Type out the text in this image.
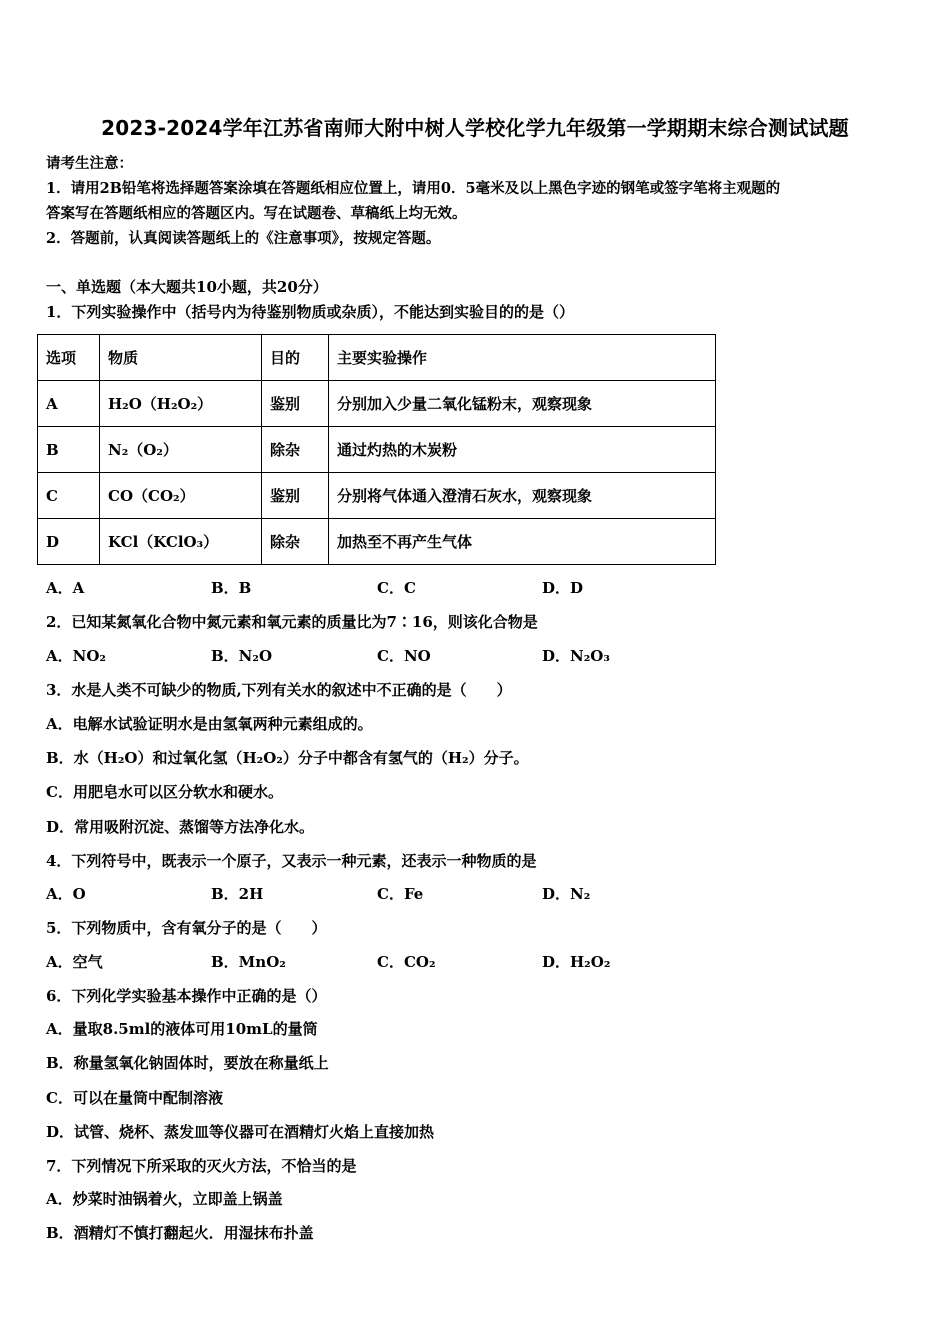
2023-2024学年江苏省南师大附中树人学校化学九年级第一学期期末综合测试试题
请考生注意：
1．请用2B铅笔将选择题答案涂填在答题纸相应位置上，请用0．5毫米及以上黑色字迹的钢笔或签字笔将主观题的
答案写在答题纸相应的答题区内。写在试题卷、草稿纸上均无效。
2．答题前，认真阅读答题纸上的《注意事项》，按规定答题。
一、单选题（本大题共10小题，共20分）
1．下列实验操作中（括号内为待鉴别物质或杂质），不能达到实验目的的是（）
选项	物质	目的	主要实验操作
A	H₂O（H₂O₂）	鉴别	分别加入少量二氧化锰粉末，观察现象
B	N₂（O₂）	除杂	通过灼热的木炭粉
C	CO（CO₂）	鉴别	分别将气体通入澄清石灰水，观察现象
D	KCl（KClO₃）	除杂	加热至不再产生气体
A．A	B．B	C．C	D．D
2．已知某氮氧化合物中氮元素和氧元素的质量比为7∶16，则该化合物是
A．NO₂	B．N₂O	C．NO	D．N₂O₃
3．水是人类不可缺少的物质,下列有关水的叙述中不正确的是（　　）
A．电解水试验证明水是由氢氧两种元素组成的。
B．水（H₂O）和过氧化氢（H₂O₂）分子中都含有氢气的（H₂）分子。
C．用肥皂水可以区分软水和硬水。
D．常用吸附沉淀、蒸馏等方法净化水。
4．下列符号中，既表示一个原子，又表示一种元素，还表示一种物质的是
A．O	B．2H	C．Fe	D．N₂
5．下列物质中，含有氧分子的是（　　）
A．空气	B．MnO₂	C．CO₂	D．H₂O₂
6．下列化学实验基本操作中正确的是（）
A．量取8.5ml的液体可用10mL的量筒
B．称量氢氧化钠固体时，要放在称量纸上
C．可以在量筒中配制溶液
D．试管、烧杯、蒸发皿等仪器可在酒精灯火焰上直接加热
7．下列情况下所采取的灭火方法，不恰当的是
A．炒菜时油锅着火，立即盖上锅盖
B．酒精灯不慎打翻起火．用湿抹布扑盖
